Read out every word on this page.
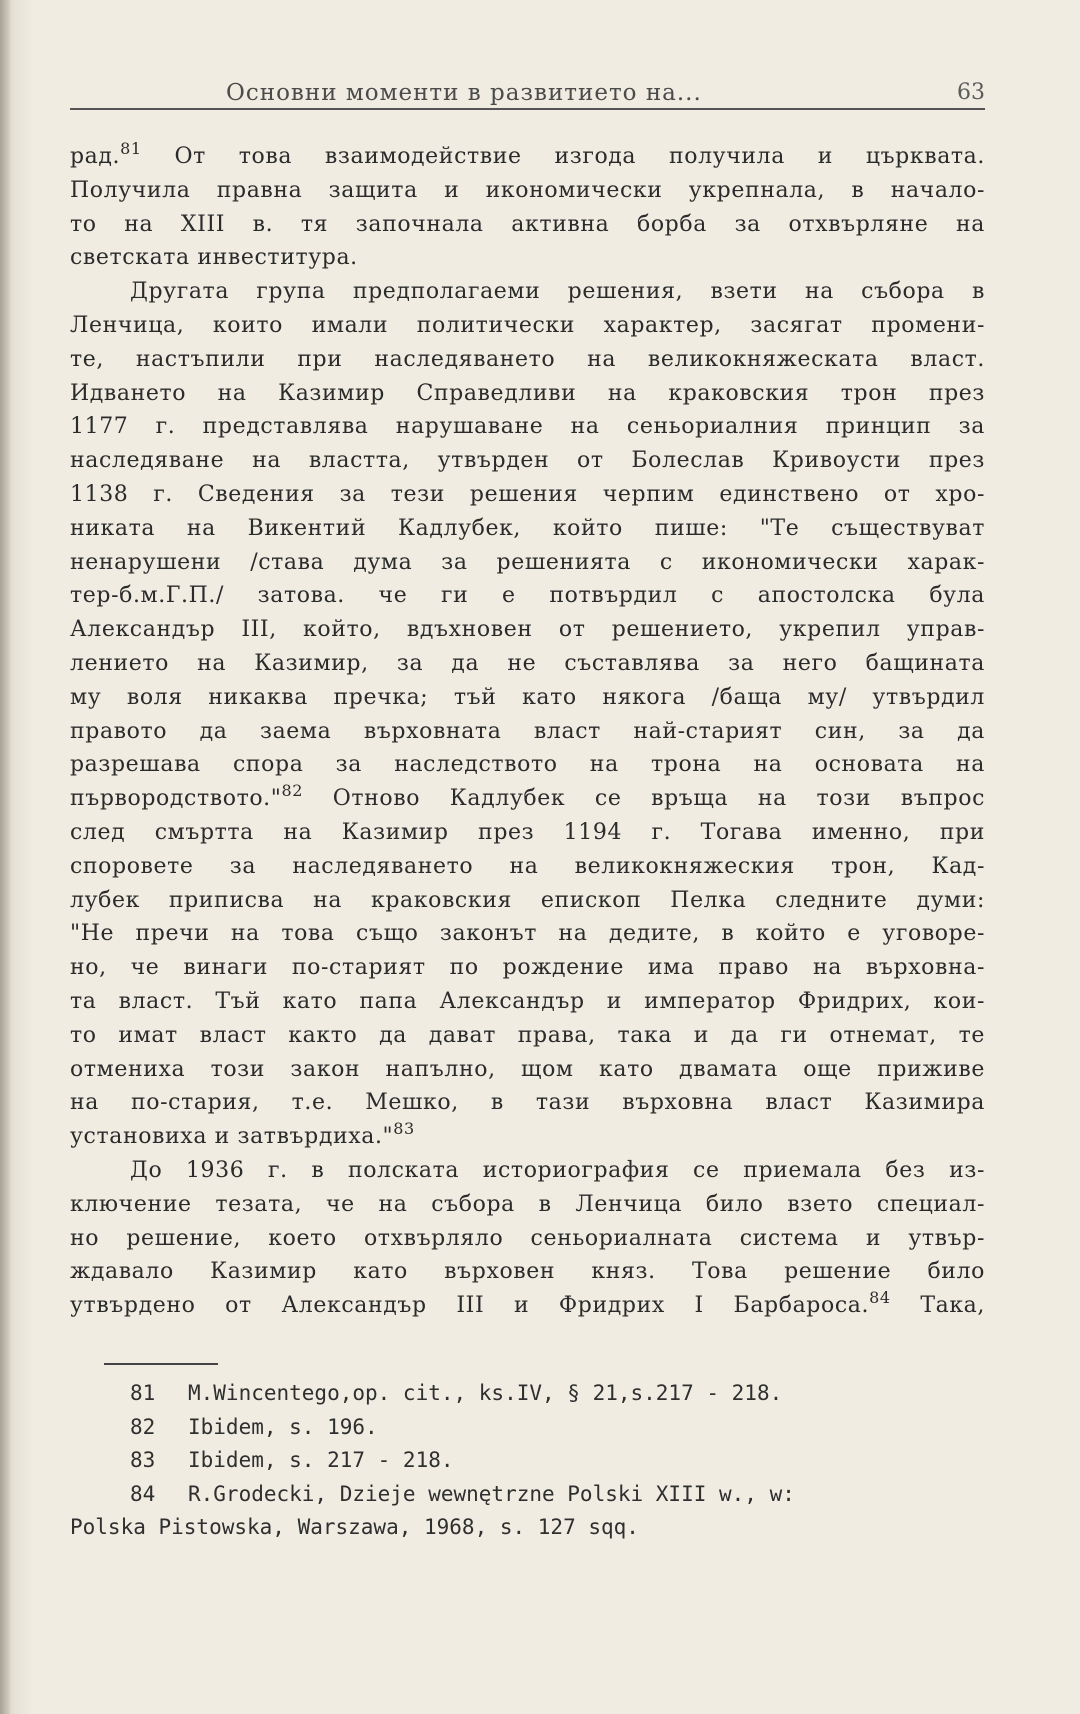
Основни моменти в развитието на...	63
рад.$^{81}$ От това взаимодействие изгода получила и църквата.
Получила правна защита и икономически укрепнала, в начало-
то на XIII в. тя започнала активна борба за отхвърляне на
светската инвеститура.
Другата група предполагаеми решения, взети на събора в
Ленчица, които имали политически характер, засягат промени-
те, настъпили при наследяването на великокняжеската власт.
Идването на Казимир Справедливи на краковския трон през
1177 г. представлява нарушаване на сеньориалния принцип за
наследяване на властта, утвърден от Болеслав Кривоусти през
1138 г. Сведения за тези решения черпим единствено от хро-
никата на Викентий Кадлубек, който пише: "Те съществуват
ненарушени /става дума за решенията с икономически харак-
тер-б.м.Г.П./ затова. че ги е потвърдил с апостолска була
Александър III, който, вдъхновен от решението, укрепил управ-
лението на Казимир, за да не съставлява за него бащината
му воля никаква пречка; тъй като някога /баща му/ утвърдил
правото да заема върховната власт най-старият син, за да
разрешава спора за наследството на трона на основата на
първородството."$^{82}$ Отново Кадлубек се връща на този въпрос
след смъртта на Казимир през 1194 г. Тогава именно, при
споровете за наследяването на великокняжеския трон, Кад-
лубек приписва на краковския епископ Пелка следните думи:
"Не пречи на това също законът на дедите, в който е уговоре-
но, че винаги по-старият по рождение има право на върховна-
та власт. Тъй като папа Александър и император Фридрих, кои-
то имат власт както да дават права, така и да ги отнемат, те
отмениха този закон напълно, щом като двамата още приживе
на по-стария, т.е. Мешко, в тази върховна власт Казимира
установиха и затвърдиха."$^{83}$
До 1936 г. в полската историография се приемала без из-
ключение тезата, че на събора в Ленчица било взето специал-
но решение, което отхвърляло сеньориалната система и утвър-
ждавало Казимир като върховен княз. Това решение било
утвърдено от Александър III и Фридрих I Барбароса.$^{84}$ Така,
81 M.Wincentego,op. cit., ks.IV, § 21,s.217 - 218.
82 Ibidem, s. 196.
83 Ibidem, s. 217 - 218.
84 R.Grodecki, Dzieje wewnętrzne Polski XIII w., w:
Polska Pistowska, Warszawa, 1968, s. 127 sqq.
